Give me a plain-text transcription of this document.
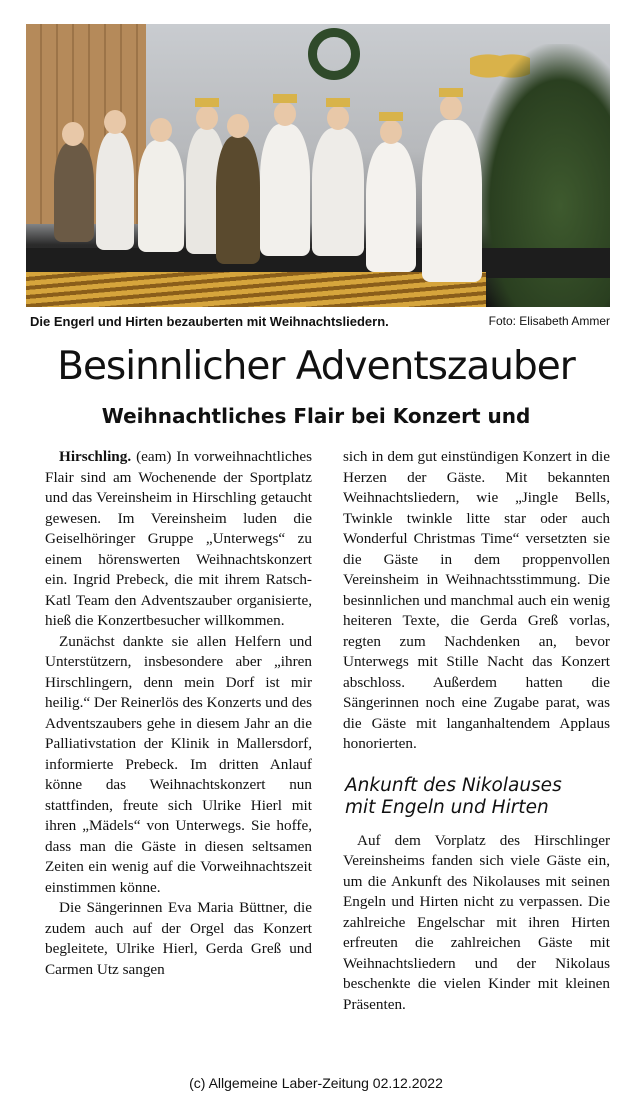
Die Engerl und Hirten bezauberten mit Weihnachtsliedern.	Foto: Elisabeth Ammer
Besinnlicher Adventszauber
Weihnachtliches Flair bei Konzert und

Hirschling. (eam) In vorweihnachtliches Flair sind am Wochenende der Sportplatz und das Vereinsheim in Hirschling getaucht gewesen. Im Vereinsheim luden die Geiselhöringer Gruppe „Unterwegs“ zu einem hörenswerten Weihnachtskonzert ein. Ingrid Prebeck, die mit ihrem Ratsch-Katl Team den Adventszauber organisierte, hieß die Konzertbesucher willkommen.

Zunächst dankte sie allen Helfern und Unterstützern, insbesondere aber „ihren Hirschlingern, denn mein Dorf ist mir heilig.“ Der Reinerlös des Konzerts und des Adventszaubers gehe in diesem Jahr an die Palliativstation der Klinik in Mallersdorf, informierte Prebeck. Im dritten Anlauf könne das Weihnachtskonzert nun stattfinden, freute sich Ulrike Hierl mit ihren „Mädels“ von Unterwegs. Sie hoffe, dass man die Gäste in diesen seltsamen Zeiten ein wenig auf die Vorweihnachtszeit einstimmen könne.

Die Sängerinnen Eva Maria Büttner, die zudem auch auf der Orgel das Konzert begleitete, Ulrike Hierl, Gerda Greß und Carmen Utz sangen

sich in dem gut einstündigen Konzert in die Herzen der Gäste. Mit bekannten Weihnachtsliedern, wie „Jingle Bells, Twinkle twinkle litte star oder auch Wonderful Christmas Time“ versetzten sie die Gäste in dem proppenvollen Vereinsheim in Weihnachtsstimmung. Die besinnlichen und manchmal auch ein wenig heiteren Texte, die Gerda Greß vorlas, regten zum Nachdenken an, bevor Unterwegs mit Stille Nacht das Konzert abschloss. Außerdem hatten die Sängerinnen noch eine Zugabe parat, was die Gäste mit langanhaltendem Applaus honorierten.

Ankunft des Nikolauses
mit Engeln und Hirten

Auf dem Vorplatz des Hirschlinger Vereinsheims fanden sich viele Gäste ein, um die Ankunft des Nikolauses mit seinen Engeln und Hirten nicht zu verpassen. Die zahlreiche Engelschar mit ihren Hirten erfreuten die zahlreichen Gäste mit Weihnachtsliedern und der Nikolaus beschenkte die vielen Kinder mit kleinen Präsenten.

(c) Allgemeine Laber-Zeitung 02.12.2022
